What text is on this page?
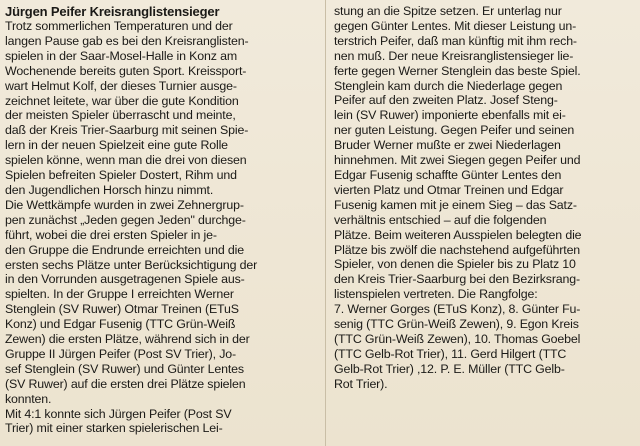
Jürgen Peifer Kreisranglistensieger
Trotz sommerlichen Temperaturen und der
langen Pause gab es bei den Kreisranglisten-
spielen in der Saar-Mosel-Halle in Konz am
Wochenende bereits guten Sport. Kreissport-
wart Helmut Kolf, der dieses Turnier ausge-
zeichnet leitete, war über die gute Kondition
der meisten Spieler überrascht und meinte,
daß der Kreis Trier-Saarburg mit seinen Spie-
lern in der neuen Spielzeit eine gute Rolle
spielen könne, wenn man die drei von diesen
Spielen befreiten Spieler Dostert, Rihm und
den Jugendlichen Horsch hinzu nimmt.
Die Wettkämpfe wurden in zwei Zehnergrup-
pen zunächst „Jeden gegen Jeden" durchge-
führt, wobei die drei ersten Spieler in je-
den Gruppe die Endrunde erreichten und die
ersten sechs Plätze unter Berücksichtigung der
in den Vorrunden ausgetragenen Spiele aus-
spielten. In der Gruppe I erreichten Werner
Stenglein (SV Ruwer) Otmar Treinen (ETuS
Konz) und Edgar Fusenig (TTC Grün-Weiß
Zewen) die ersten Plätze, während sich in der
Gruppe II Jürgen Peifer (Post SV Trier), Jo-
sef Stenglein (SV Ruwer) und Günter Lentes
(SV Ruwer) auf die ersten drei Plätze spielen
konnten.
Mit 4:1 konnte sich Jürgen Peifer (Post SV
Trier) mit einer starken spielerischen Lei-
stung an die Spitze setzen. Er unterlag nur
gegen Günter Lentes. Mit dieser Leistung un-
terstrich Peifer, daß man künftig mit ihm rech-
nen muß. Der neue Kreisranglistensieger lie-
ferte gegen Werner Stenglein das beste Spiel.
Stenglein kam durch die Niederlage gegen
Peifer auf den zweiten Platz. Josef Steng-
lein (SV Ruwer) imponierte ebenfalls mit ei-
ner guten Leistung. Gegen Peifer und seinen
Bruder Werner mußte er zwei Niederlagen
hinnehmen. Mit zwei Siegen gegen Peifer und
Edgar Fusenig schaffte Günter Lentes den
vierten Platz und Otmar Treinen und Edgar
Fusenig kamen mit je einem Sieg – das Satz-
verhältnis entschied – auf die folgenden
Plätze. Beim weiteren Ausspielen belegten die
Plätze bis zwölf die nachstehend aufgeführten
Spieler, von denen die Spieler bis zu Platz 10
den Kreis Trier-Saarburg bei den Bezirksrang-
listenspielen vertreten. Die Rangfolge:
7. Werner Gorges (ETuS Konz), 8. Günter Fu-
senig (TTC Grün-Weiß Zewen), 9. Egon Kreis
(TTC Grün-Weiß Zewen), 10. Thomas Goebel
(TTC Gelb-Rot Trier), 11. Gerd Hilgert (TTC
Gelb-Rot Trier) ,12. P. E. Müller (TTC Gelb-
Rot Trier).
